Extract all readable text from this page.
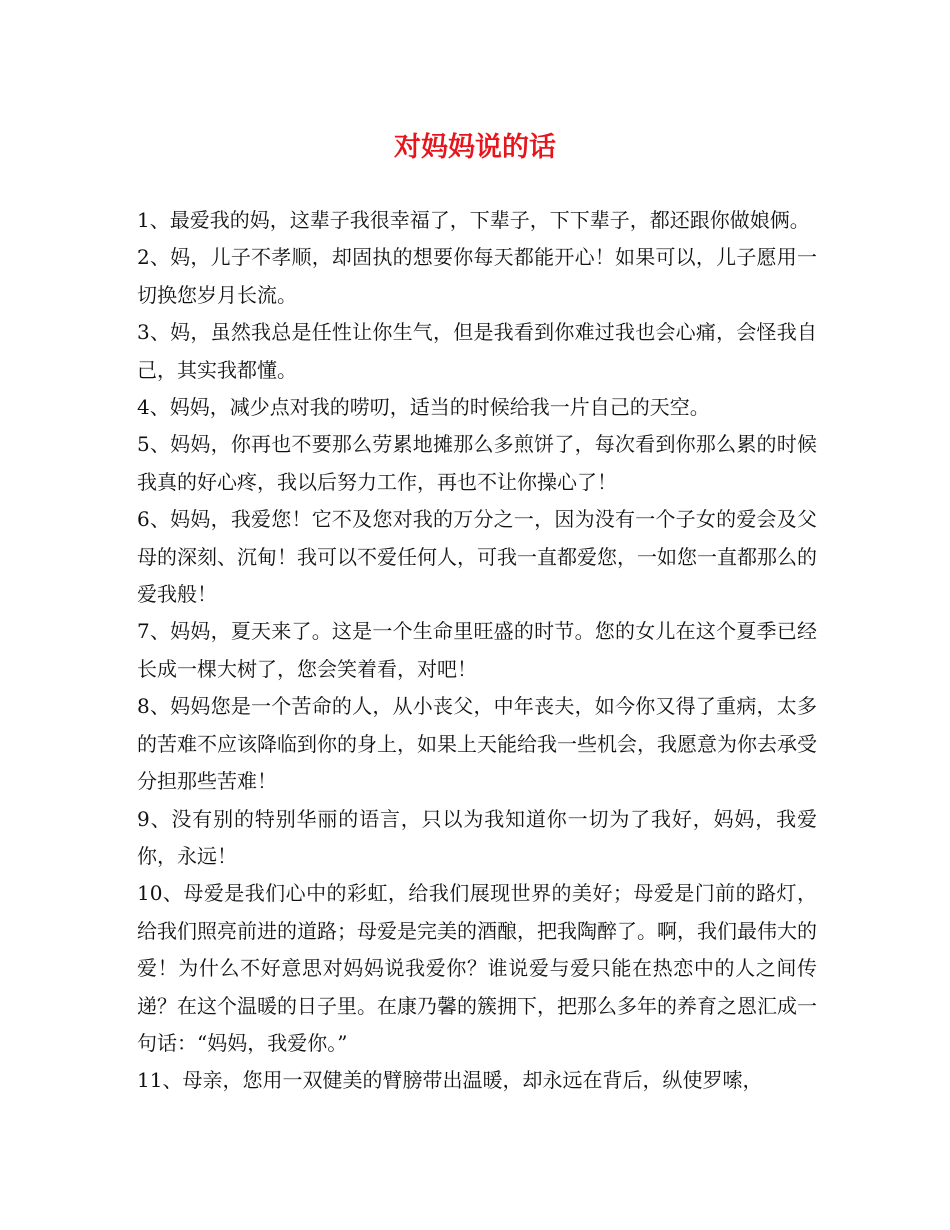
对妈妈说的话

1、最爱我的妈，这辈子我很幸福了，下辈子，下下辈子，都还跟你做娘俩。

2、妈，儿子不孝顺，却固执的想要你每天都能开心！如果可以，儿子愿用一切换您岁月长流。

3、妈，虽然我总是任性让你生气，但是我看到你难过我也会心痛，会怪我自己，其实我都懂。

4、妈妈，减少点对我的唠叨，适当的时候给我一片自己的天空。

5、妈妈，你再也不要那么劳累地摊那么多煎饼了，每次看到你那么累的时候我真的好心疼，我以后努力工作，再也不让你操心了！

6、妈妈，我爱您！它不及您对我的万分之一，因为没有一个子女的爱会及父母的深刻、沉甸！我可以不爱任何人，可我一直都爱您，一如您一直都那么的爱我般！

7、妈妈，夏天来了。这是一个生命里旺盛的时节。您的女儿在这个夏季已经长成一棵大树了，您会笑着看，对吧！

8、妈妈您是一个苦命的人，从小丧父，中年丧夫，如今你又得了重病，太多的苦难不应该降临到你的身上，如果上天能给我一些机会，我愿意为你去承受分担那些苦难！

9、没有别的特别华丽的语言，只以为我知道你一切为了我好，妈妈，我爱你，永远！

10、母爱是我们心中的彩虹，给我们展现世界的美好；母爱是门前的路灯，给我们照亮前进的道路；母爱是完美的酒酿，把我陶醉了。啊，我们最伟大的爱！为什么不好意思对妈妈说我爱你？谁说爱与爱只能在热恋中的人之间传递？在这个温暖的日子里。在康乃馨的簇拥下，把那么多年的养育之恩汇成一句话：“妈妈，我爱你。”

11、母亲，您用一双健美的臂膀带出温暖，却永远在背后，纵使罗嗦，
